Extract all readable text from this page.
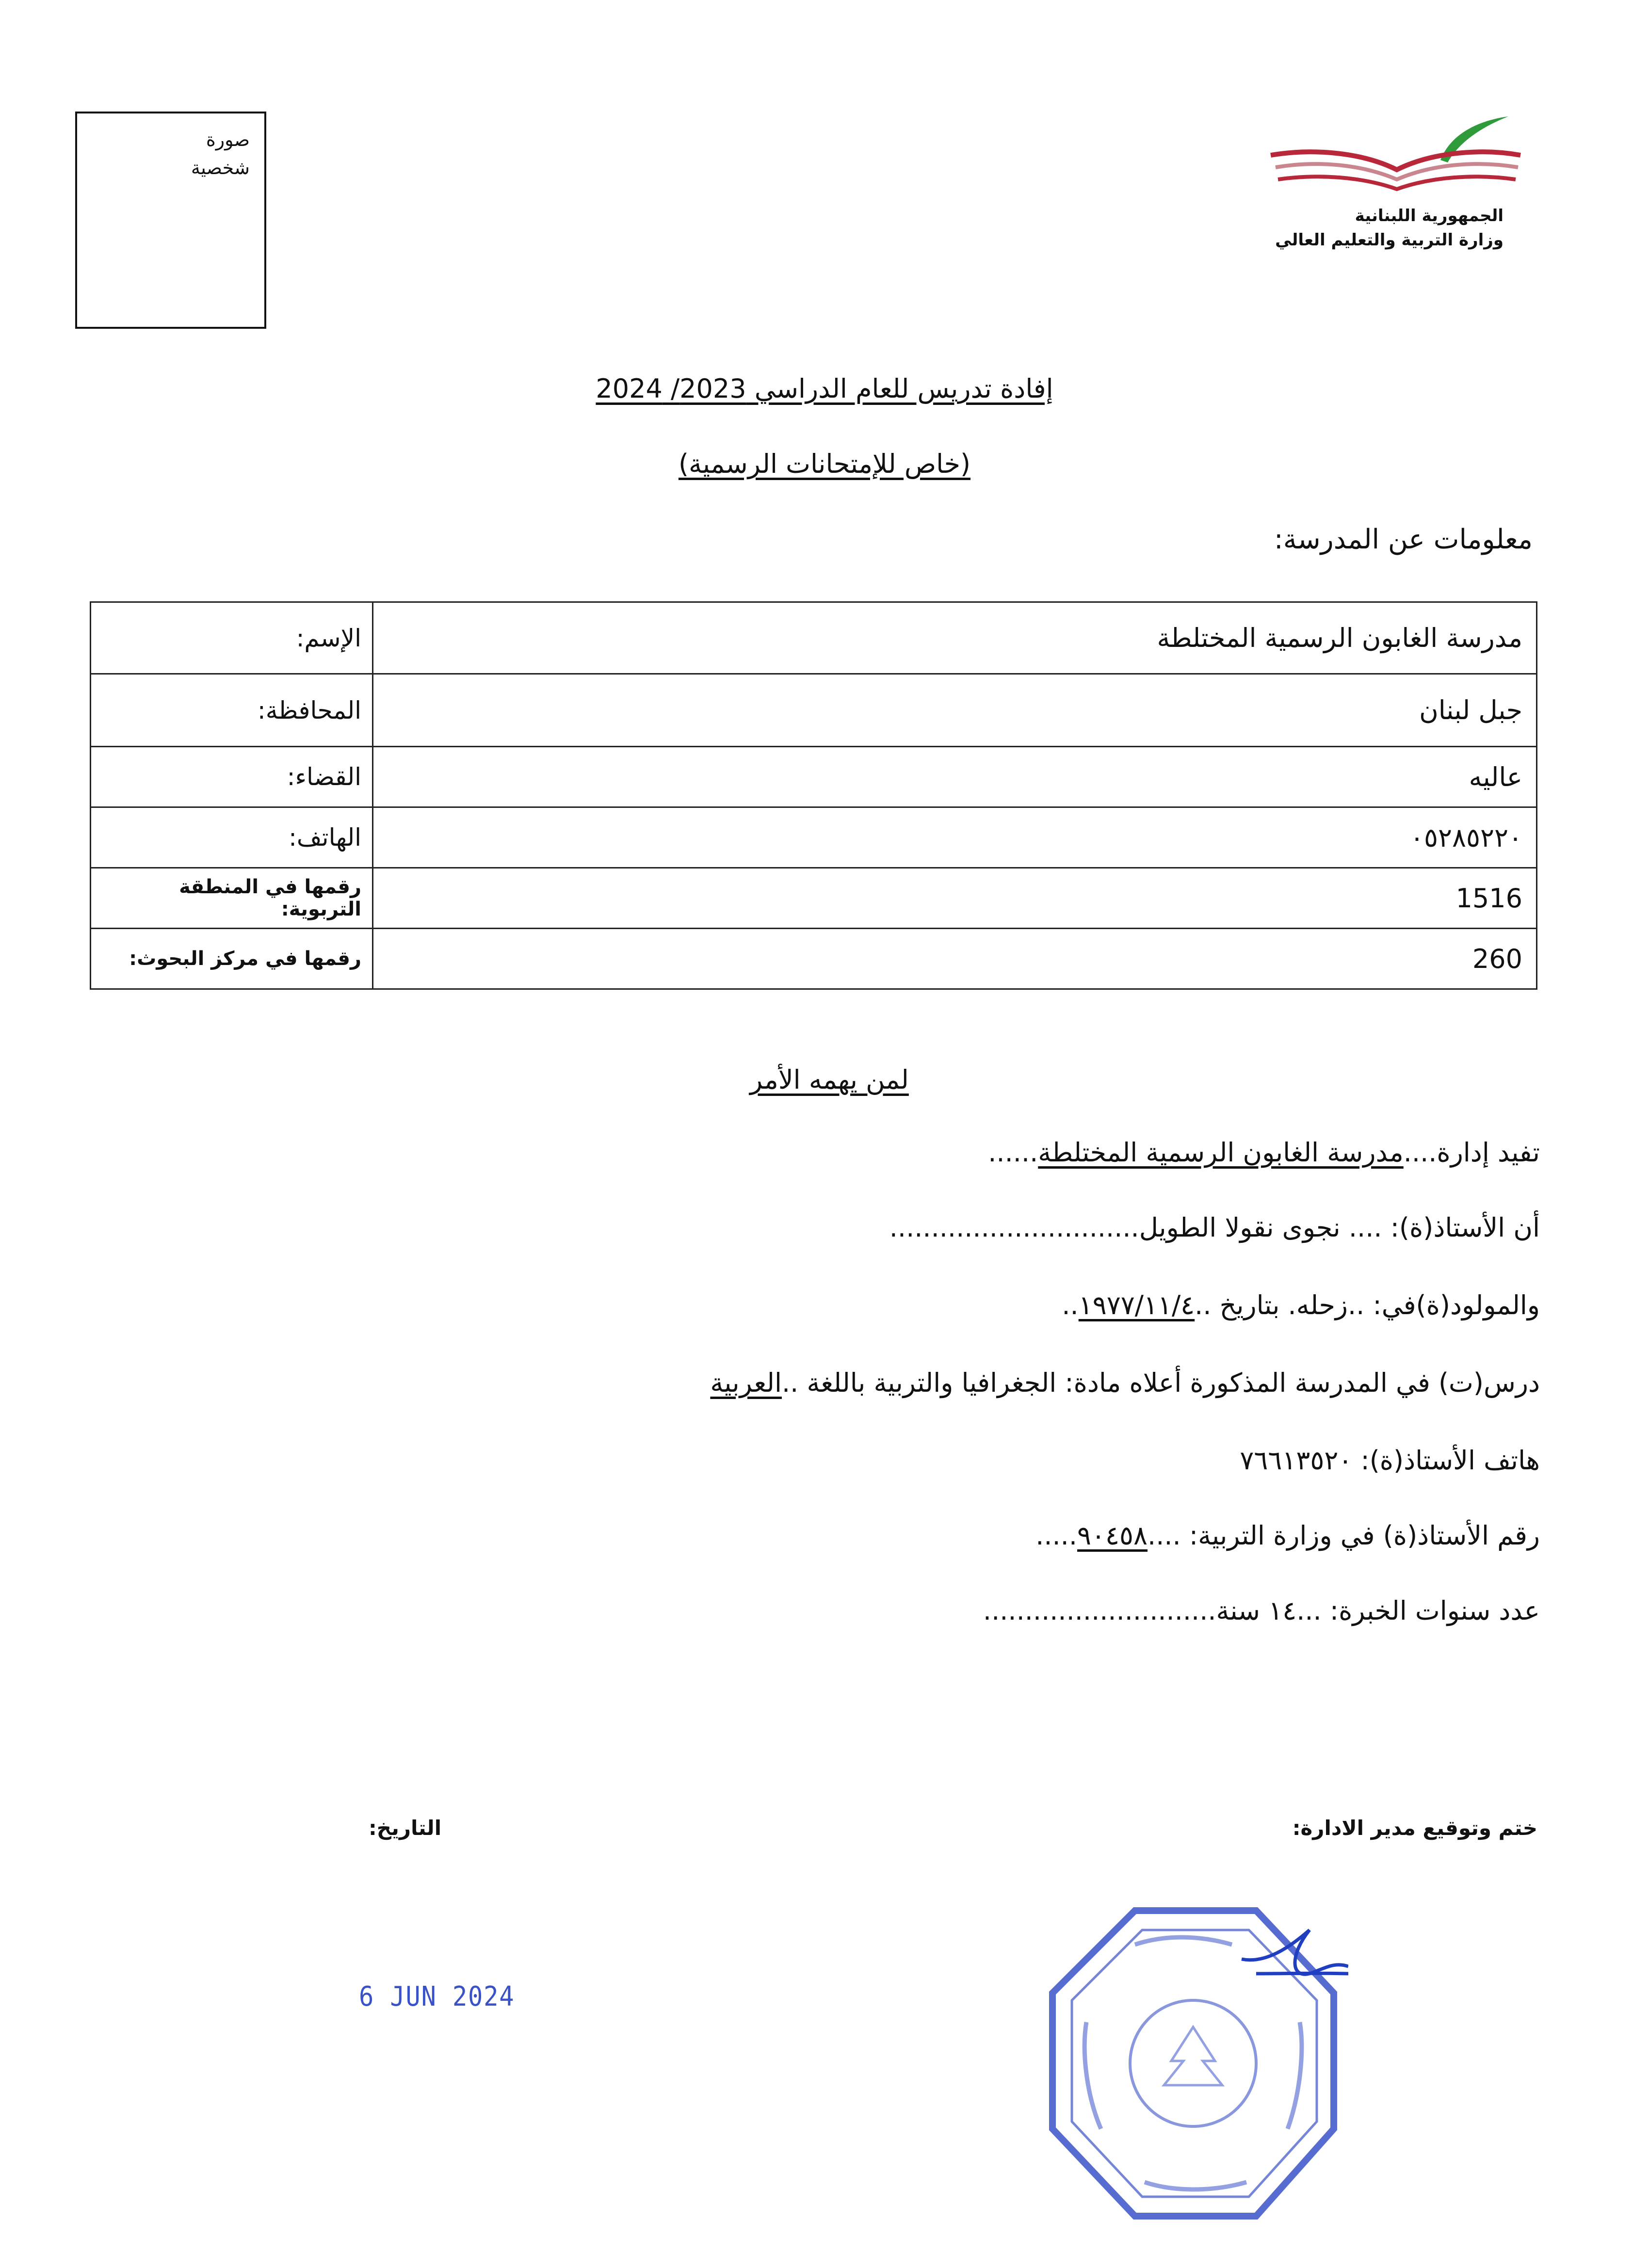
صورة
شخصية
الجمهورية اللبنانية
وزارة التربية والتعليم العالي
إفادة تدريس للعام الدراسي 2023/ 2024
(خاص للإمتحانات الرسمية)
معلومات عن المدرسة:
الإسم:	مدرسة الغابون الرسمية المختلطة
المحافظة:	جبل لبنان
القضاء:	عاليه
الهاتف:	٠٥٢٨٥٢٢٠
رقمها في المنطقة التربوية:	1516
رقمها في مركز البحوث:	260
لمن يهمه الأمر
تفيد إدارة....مدرسة الغابون الرسمية المختلطة......
أن الأستاذ(ة): .... نجوى نقولا الطويل..............................
والمولود(ة)في: ..زحله. بتاريخ ..١٩٧٧/١١/٤..
درس(ت) في المدرسة المذكورة أعلاه مادة: الجغرافيا والتربية باللغة ..العربية
هاتف الأستاذ(ة): ٧٦٦١٣٥٢٠
رقم الأستاذ(ة) في وزارة التربية: ....٩٠٤٥٨.....
عدد سنوات الخبرة: ...١٤ سنة............................
ختم وتوقيع مدير الادارة:
التاريخ:
6 JUN 2024
